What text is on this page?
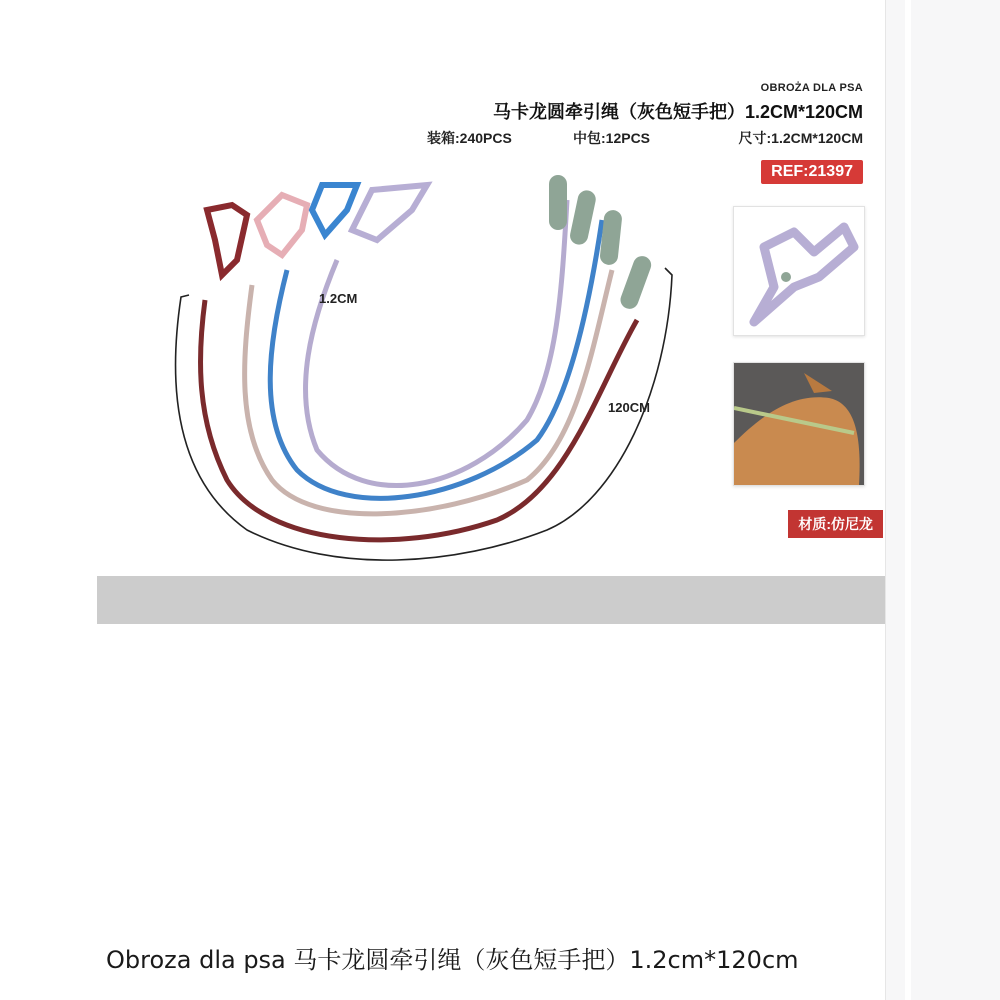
OBROŻA DLA PSA
马卡龙圆牵引绳（灰色短手把）1.2CM*120CM
装箱:240PCS	中包:12PCS	尺寸:1.2CM*120CM
REF:21397
1.2CM
120CM
材质:仿尼龙
Obroza dla psa 马卡龙圆牵引绳（灰色短手把）1.2cm*120cm
